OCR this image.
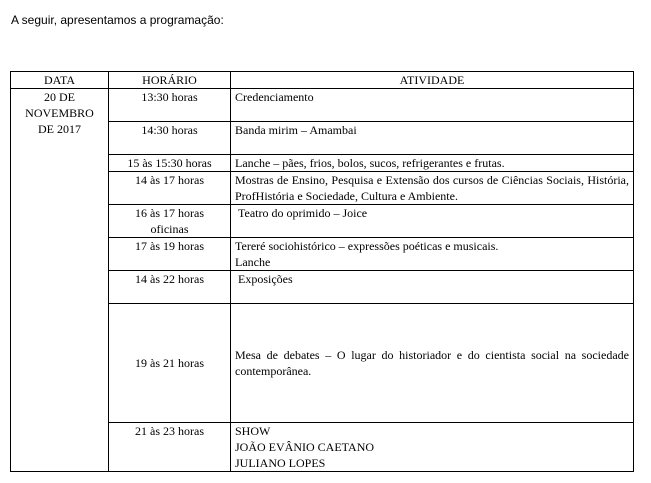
A seguir, apresentamos a programação:
DATA	HORÁRIO	ATIVIDADE

20 DE
NOVEMBRO
DE 2017	13:30 horas	Credenciamento

	14:30 horas	Banda mirim – Amambai

	15 às 15:30 horas	Lanche – pães, frios, bolos, sucos, refrigerantes e frutas.

	14 às 17 horas	Mostras de Ensino, Pesquisa e Extensão dos cursos de Ciências Sociais, História, ProfHistória e Sociedade, Cultura e Ambiente.

	16 às 17 horas
oficinas	Teatro do oprimido – Joice

	17 às 19 horas	Tereré sociohistórico – expressões poéticas e musicais.
Lanche

	14 às 22 horas	Exposições

	19 às 21 horas	Mesa de debates – O lugar do historiador e do cientista social na sociedade contemporânea.

	21 às 23 horas	SHOW
JOÃO EVÂNIO CAETANO
JULIANO LOPES
